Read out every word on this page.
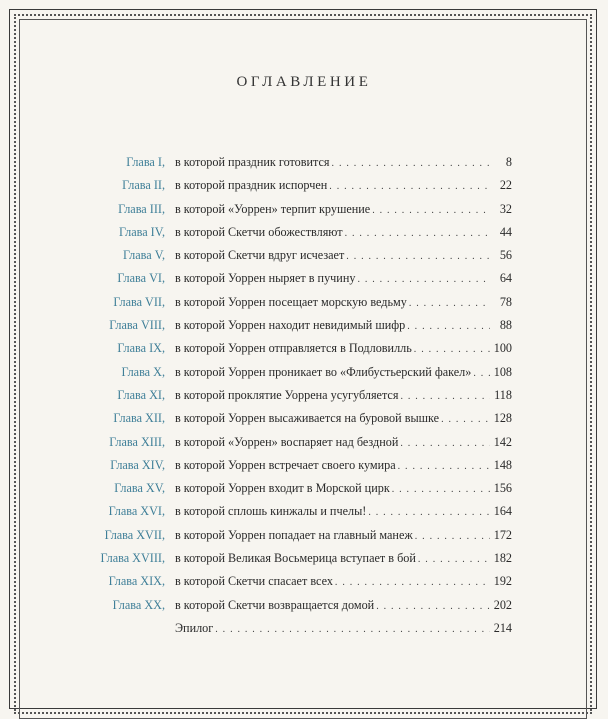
ОГЛАВЛЕНИЕ
Глава I, в которой праздник готовится . . .	8
Глава II, в которой праздник испорчен . . .	22
Глава III, в которой «Уоррен» терпит крушение . . .	32
Глава IV, в которой Скетчи обожествляют . . .	44
Глава V, в которой Скетчи вдруг исчезает . . .	56
Глава VI, в которой Уоррен ныряет в пучину . . .	64
Глава VII, в которой Уоррен посещает морскую ведьму . . .	78
Глава VIII, в которой Уоррен находит невидимый шифр . . .	88
Глава IX, в которой Уоррен отправляется в Подловилль . . .	100
Глава X, в которой Уоррен проникает во «Флибустьерский факел» . . .	108
Глава XI, в которой проклятие Уоррена усугубляется . . .	118
Глава XII, в которой Уоррен высаживается на буровой вышке . . .	128
Глава XIII, в которой «Уоррен» воспаряет над бездной . . .	142
Глава XIV, в которой Уоррен встречает своего кумира . . .	148
Глава XV, в которой Уоррен входит в Морской цирк . . .	156
Глава XVI, в которой сплошь кинжалы и пчелы! . . .	164
Глава XVII, в которой Уоррен попадает на главный манеж . . .	172
Глава XVIII, в которой Великая Восьмерица вступает в бой . . .	182
Глава XIX, в которой Скетчи спасает всех . . .	192
Глава XX, в которой Скетчи возвращается домой . . .	202
Эпилог . . .	214
